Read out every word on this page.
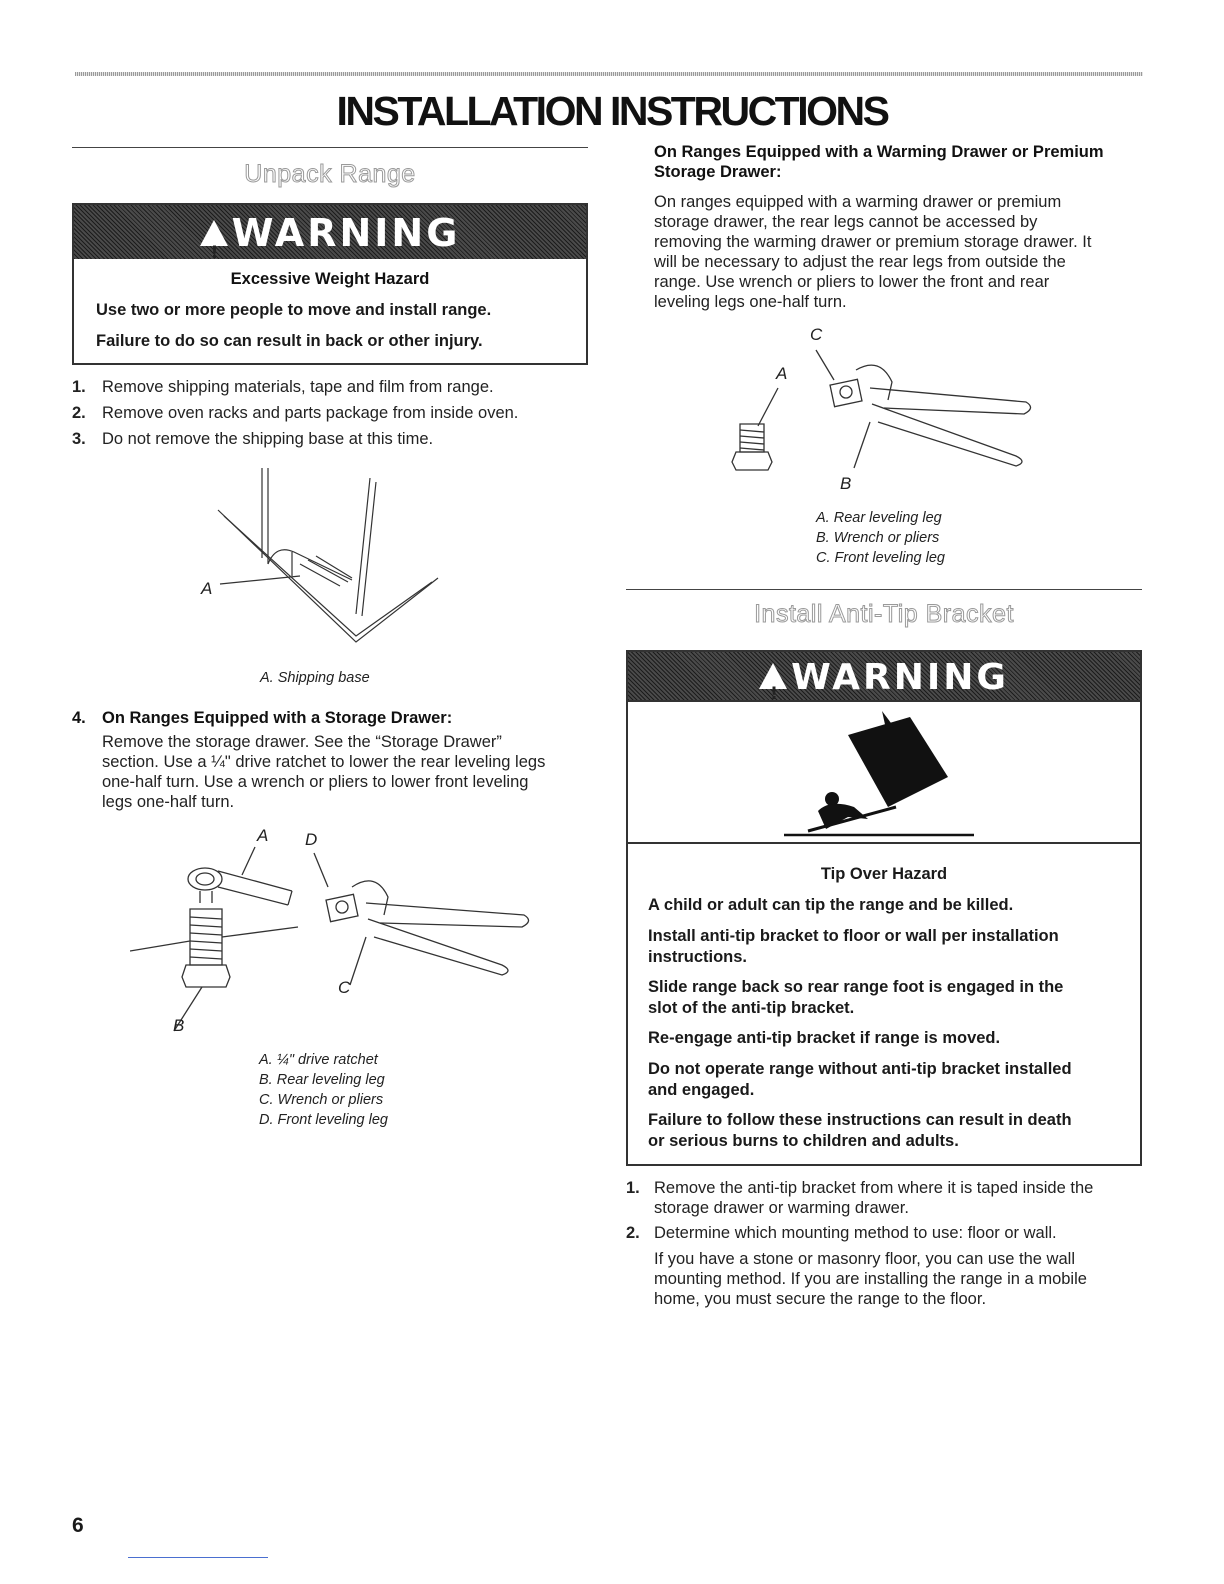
INSTALLATION INSTRUCTIONS
Unpack Range
!WARNING
Excessive Weight Hazard
Use two or more people to move and install range.
Failure to do so can result in back or other injury.
1. Remove shipping materials, tape and film from range.
2. Remove oven racks and parts package from inside oven.
3. Do not remove the shipping base at this time.
A
A. Shipping base
4. On Ranges Equipped with a Storage Drawer:
Remove the storage drawer. See the “Storage Drawer”
section. Use a ¼" drive ratchet to lower the rear leveling legs
one-half turn. Use a wrench or pliers to lower front leveling
legs one-half turn.
A D
C
B
A. ¼" drive ratchet
B. Rear leveling leg
C. Wrench or pliers
D. Front leveling leg
On Ranges Equipped with a Warming Drawer or Premium
Storage Drawer:
On ranges equipped with a warming drawer or premium
storage drawer, the rear legs cannot be accessed by
removing the warming drawer or premium storage drawer. It
will be necessary to adjust the rear legs from outside the
range. Use wrench or pliers to lower the front and rear
leveling legs one-half turn.
C
A
B
A. Rear leveling leg
B. Wrench or pliers
C. Front leveling leg
Install Anti-Tip Bracket
!WARNING
Tip Over Hazard
A child or adult can tip the range and be killed.
Install anti-tip bracket to floor or wall per installation
instructions.
Slide range back so rear range foot is engaged in the
slot of the anti-tip bracket.
Re-engage anti-tip bracket if range is moved.
Do not operate range without anti-tip bracket installed
and engaged.
Failure to follow these instructions can result in death
or serious burns to children and adults.
1. Remove the anti-tip bracket from where it is taped inside the
storage drawer or warming drawer.
2. Determine which mounting method to use: floor or wall.
If you have a stone or masonry floor, you can use the wall
mounting method. If you are installing the range in a mobile
home, you must secure the range to the floor.
6
